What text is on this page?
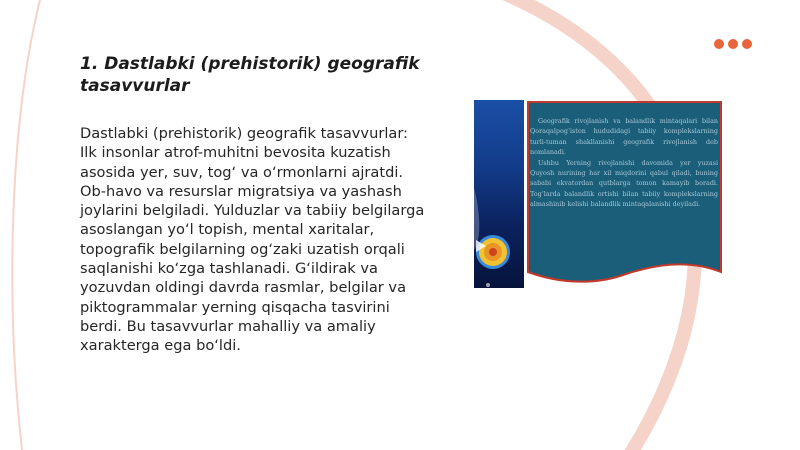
1. Dastlabki (prehistorik) geografik tasavvurlar

Dastlabki (prehistorik) geografik tasavvurlar: Ilk insonlar atrof-muhitni bevosita kuzatish asosida yer, suv, tog‘ va o‘rmonlarni ajratdi. Ob-havo va resurslar migratsiya va yashash joylarini belgiladi. Yulduzlar va tabiiy belgilarga asoslangan yo‘l topish, mental xaritalar, topografik belgilarning og‘zaki uzatish orqali saqlanishi ko‘zga tashlanadi. G‘ildirak va yozuvdan oldingi davrda rasmlar, belgilar va piktogrammalar yerning qisqacha tasvirini berdi. Bu tasavvurlar mahalliy va amaliy xarakterga ega bo‘ldi.

Geografik rivojlanish va balandlik mintaqalari bilan Qoraqalpog‘iston hududidagi tabiiy komplekslarning turli-tuman shakllanishi geografik rivojlanish deb nomlanadi.

Ushbu Yerning rivojlanishi davomida yer yuzasi Quyosh nurining har xil miqdorini qabul qiladi, buning sababi ekvatordan qutblarga tomon kamayib boradi. Tog‘larda balandlik ortishi bilan tabiiy komplekslarning almashinib kelishi balandlik mintaqalanishi deyiladi.
